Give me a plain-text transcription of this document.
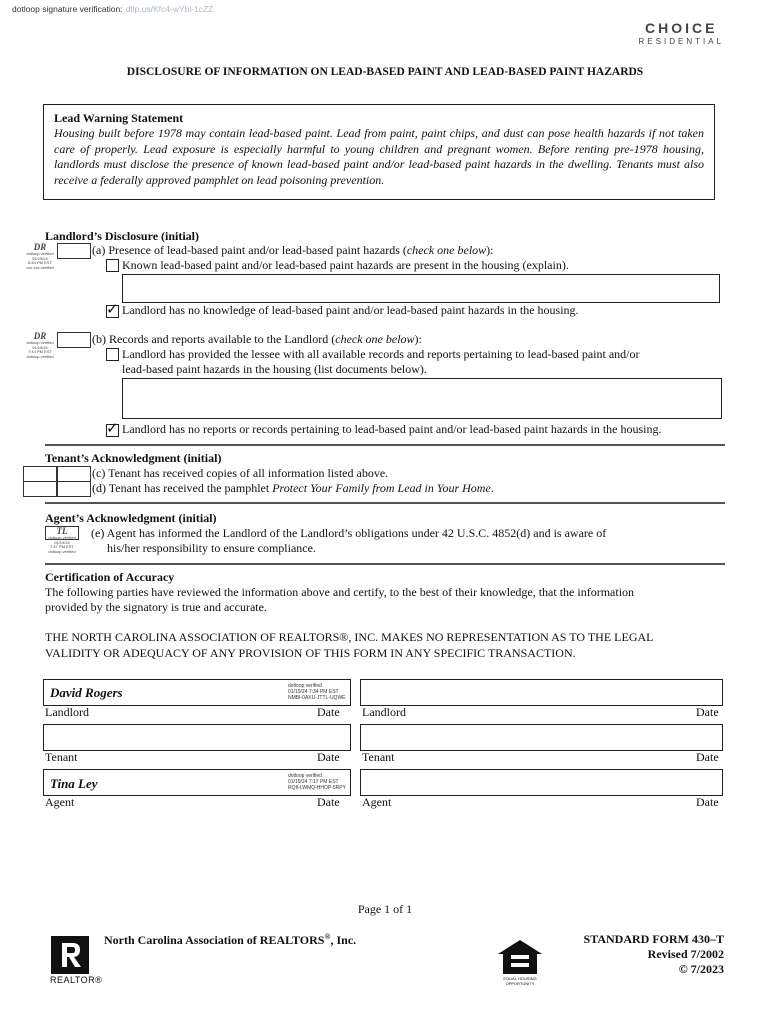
dotloop signature verification: dtlp.us/Kfc4-wYbl-1cZZ
CHOICE
RESIDENTIAL
DISCLOSURE OF INFORMATION ON LEAD-BASED PAINT AND LEAD-BASED PAINT HAZARDS
Lead Warning Statement
Housing built before 1978 may contain lead-based paint. Lead from paint, paint chips, and dust can pose health hazards if not taken care of properly. Lead exposure is especially harmful to young children and pregnant women. Before renting pre-1978 housing, landlords must disclose the presence of known lead-based paint and/or lead-based paint hazards in the dwelling. Tenants must also receive a federally approved pamphlet on lead poisoning prevention.
Landlord’s Disclosure (initial)
DR
dotloop verified
01/19/24
8:44 PM EST
xxx-xxx-verified
(a) Presence of lead-based paint and/or lead-based paint hazards (check one below):
Known lead-based paint and/or lead-based paint hazards are present in the housing (explain).
✓ Landlord has no knowledge of lead-based paint and/or lead-based paint hazards in the housing.
DR
dotloop verified
01/19/24
7:44 PM EST
dotloop verified
(b) Records and reports available to the Landlord (check one below):
Landlord has provided the lessee with all available records and reports pertaining to lead-based paint and/or
lead-based paint hazards in the housing (list documents below).
✓ Landlord has no reports or records pertaining to lead-based paint and/or lead-based paint hazards in the housing.
Tenant’s Acknowledgment (initial)
(c) Tenant has received copies of all information listed above.
(d) Tenant has received the pamphlet Protect Your Family from Lead in Your Home.
Agent’s Acknowledgment (initial)
TL
dotloop verified
01/19/24
7:47 PM EST
dotloop verified
(e) Agent has informed the Landlord of the Landlord’s obligations under 42 U.S.C. 4852(d) and is aware of
his/her responsibility to ensure compliance.
Certification of Accuracy
The following parties have reviewed the information above and certify, to the best of their knowledge, that the information
provided by the signatory is true and accurate.
THE NORTH CAROLINA ASSOCIATION OF REALTORS®, INC. MAKES NO REPRESENTATION AS TO THE LEGAL
VALIDITY OR ADEQUACY OF ANY PROVISION OF THIS FORM IN ANY SPECIFIC TRANSACTION.
David Rogers	dotloop verified
01/19/24 7:34 PM EST
NMBI-0AXU-JTTL-UQWE
Landlord	Date Landlord	Date
Tenant	Date Tenant	Date
Tina Ley	dotloop verified
01/19/24 7:17 PM EST
RQII-LWMQ-HHOP-5RPY
Agent	Date Agent	Date
Page 1 of 1
REALTOR®
North Carolina Association of REALTORS®, Inc.
EQUAL HOUSING OPPORTUNITY
STANDARD FORM 430–T
Revised 7/2002
© 7/2023
